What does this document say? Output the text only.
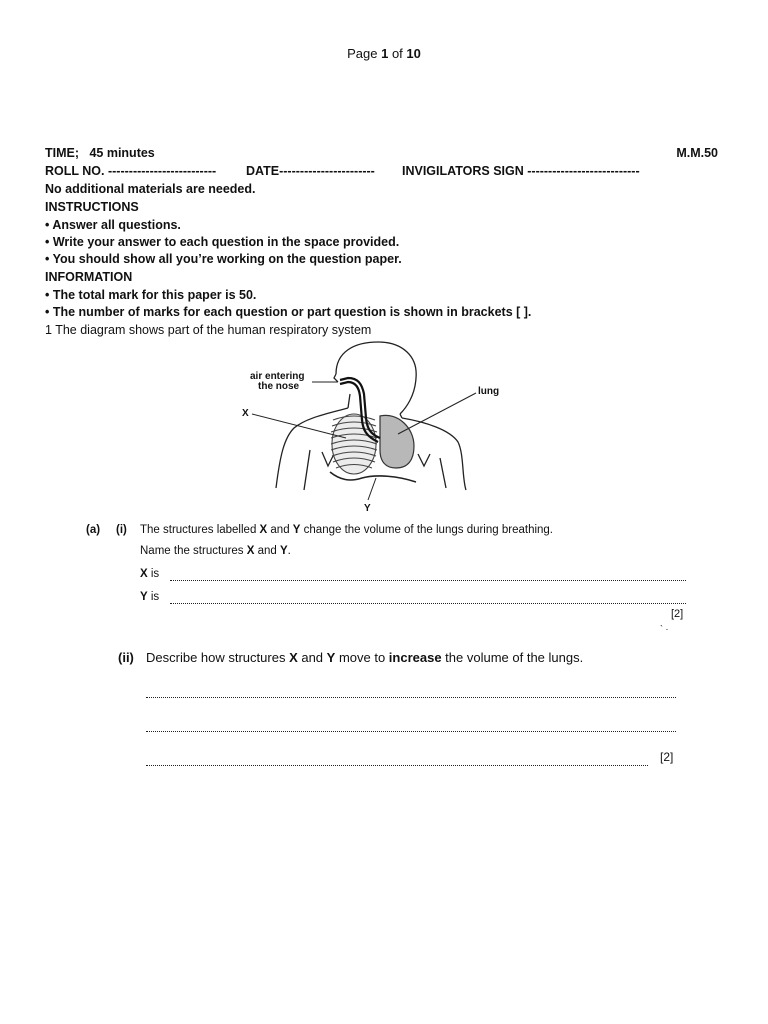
Page 1 of 10
TIME; 45 minutes	M.M.50
ROLL NO. -------------------------- DATE----------------------- INVIGILATORS SIGN ---------------------------
No additional materials are needed.
INSTRUCTIONS
• Answer all questions.
• Write your answer to each question in the space provided.
• You should show all you’re working on the question paper.
INFORMATION
• The total mark for this paper is 50.
• The number of marks for each question or part question is shown in brackets [ ].
1 The diagram shows part of the human respiratory system
air entering
the nose	lung
X
Y
(a) (i) The structures labelled X and Y change the volume of the lungs during breathing.
Name the structures X and Y.
X is
Y is
[2]
` ·
(ii) Describe how structures X and Y move to increase the volume of the lungs.
[2]
